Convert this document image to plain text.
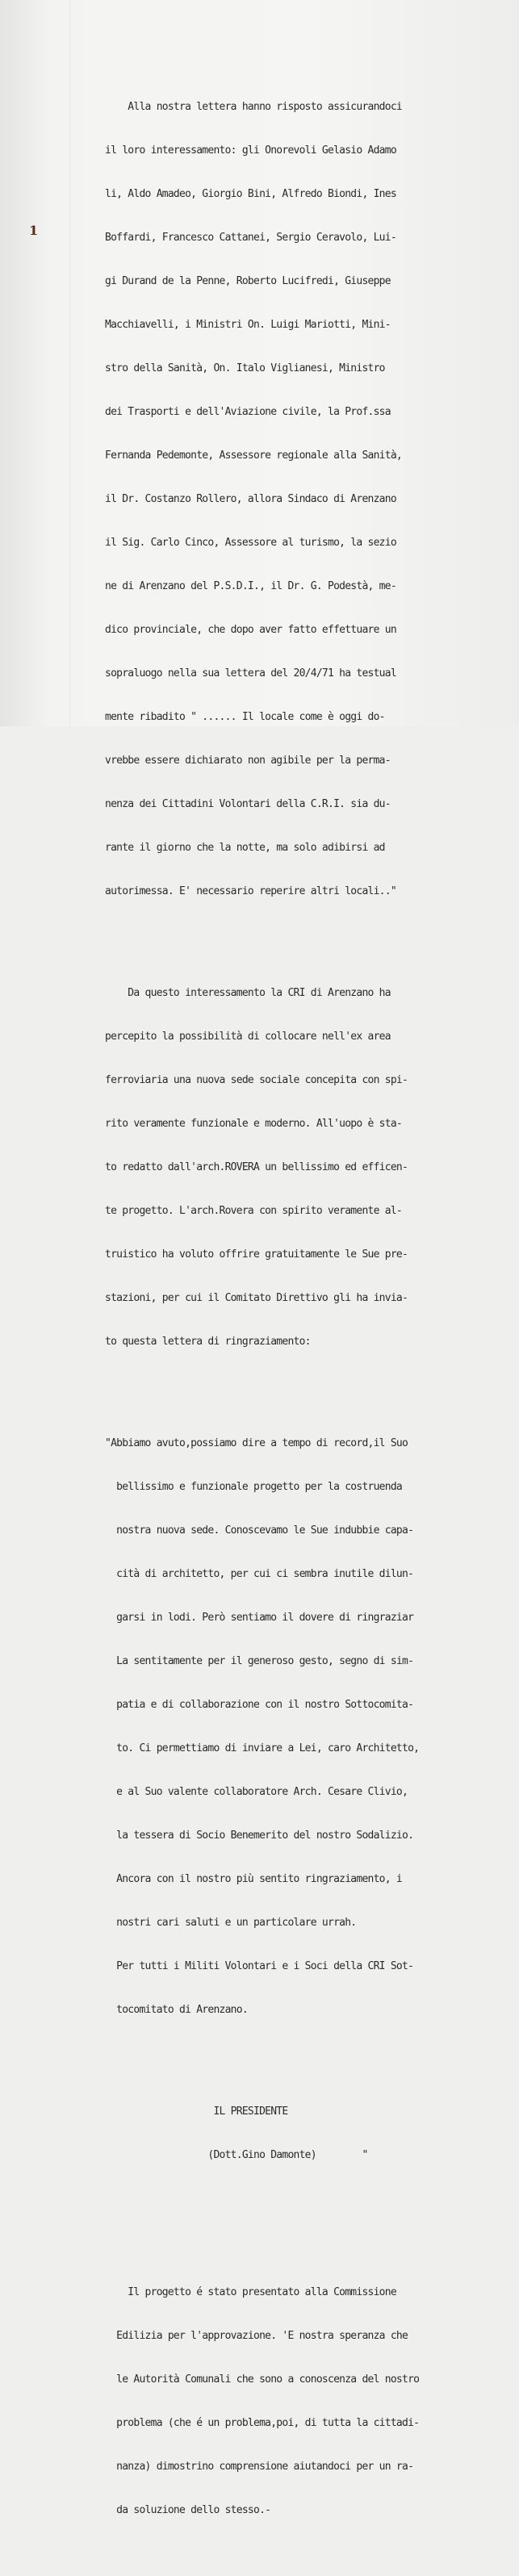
1

Alla nostra lettera hanno risposto assicurandoci

il loro interessamento: gli Onorevoli Gelasio Adamo

li, Aldo Amadeo, Giorgio Bini, Alfredo Biondi, Ines

Boffardi, Francesco Cattanei, Sergio Ceravolo, Lui-

gi Durand de la Penne, Roberto Lucifredi, Giuseppe

Macchiavelli, i Ministri On. Luigi Mariotti, Mini-

stro della Sanità, On. Italo Viglianesi, Ministro

dei Trasporti e dell'Aviazione civile, la Prof.ssa

Fernanda Pedemonte, Assessore regionale alla Sanità,

il Dr. Costanzo Rollero, allora Sindaco di Arenzano

il Sig. Carlo Cinco, Assessore al turismo, la sezio

ne di Arenzano del P.S.D.I., il Dr. G. Podestà, me-

dico provinciale, che dopo aver fatto effettuare un

sopraluogo nella sua lettera del 20/4/71 ha testual

mente ribadito " ...... Il locale come è oggi do-

vrebbe essere dichiarato non agibile per la perma-

nenza dei Cittadini Volontari della C.R.I. sia du-

rante il giorno che la notte, ma solo adibirsi ad

autorimessa. E' necessario reperire altri locali.."

Da questo interessamento la CRI di Arenzano ha

percepito la possibilità di collocare nell'ex area

ferroviaria una nuova sede sociale concepita con spi-

rito veramente funzionale e moderno. All'uopo è sta-

to redatto dall'arch.ROVERA un bellissimo ed efficen-

te progetto. L'arch.Rovera con spirito veramente al-

truistico ha voluto offrire gratuitamente le Sue pre-

stazioni, per cui il Comitato Direttivo gli ha invia-

to questa lettera di ringraziamento:

"Abbiamo avuto,possiamo dire a tempo di record,il Suo

bellissimo e funzionale progetto per la costruenda

nostra nuova sede. Conoscevamo le Sue indubbie capa-

cità di architetto, per cui ci sembra inutile dilun-

garsi in lodi. Però sentiamo il dovere di ringraziar

La sentitamente per il generoso gesto, segno di sim-

patia e di collaborazione con il nostro Sottocomita-

to. Ci permettiamo di inviare a Lei, caro Architetto,

e al Suo valente collaboratore Arch. Cesare Clivio,

la tessera di Socio Benemerito del nostro Sodalizio.

Ancora con il nostro più sentito ringraziamento, i

nostri cari saluti e un particolare urrah.

Per tutti i Militi Volontari e i Soci della CRI Sot-

tocomitato di Arenzano.

IL PRESIDENTE

(Dott.Gino Damonte)        "

Il progetto é stato presentato alla Commissione

Edilizia per l'approvazione. 'E nostra speranza che

le Autorità Comunali che sono a conoscenza del nostro

problema (che é un problema,poi, di tutta la cittadi-

nanza) dimostrino comprensione aiutandoci per un ra-

da soluzione dello stesso.-
